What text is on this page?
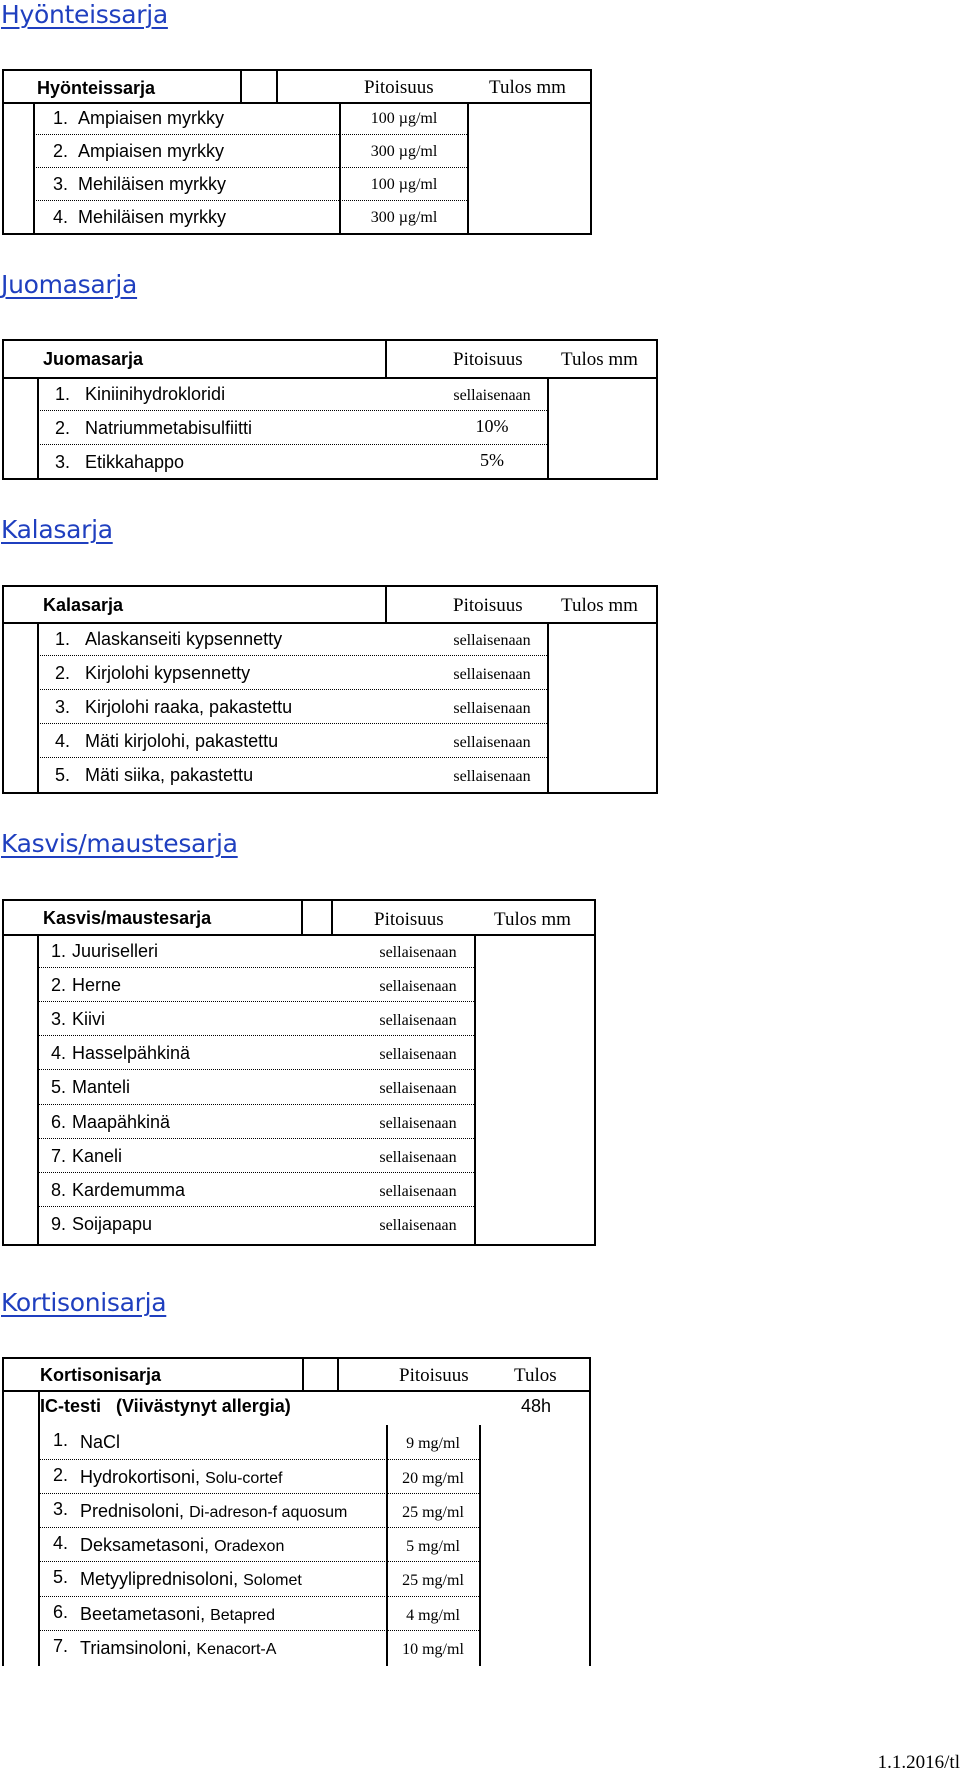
Hyönteissarja
Hyönteissarja	Pitoisuus	Tulos mm
1. Ampiaisen myrkky	100 µg/ml
2. Ampiaisen myrkky	300 µg/ml
3. Mehiläisen myrkky	100 µg/ml
4. Mehiläisen myrkky	300 µg/ml
Juomasarja
Juomasarja	Pitoisuus Tulos mm
1. Kiniinihydrokloridi	sellaisenaan
2. Natriummetabisulfiitti	10%
3. Etikkahappo	5%
Kalasarja
Kalasarja	Pitoisuus Tulos mm
1. Alaskanseiti kypsennetty	sellaisenaan
2. Kirjolohi kypsennetty	sellaisenaan
3. Kirjolohi raaka, pakastettu	sellaisenaan
4. Mäti kirjolohi, pakastettu	sellaisenaan
5. Mäti siika, pakastettu	sellaisenaan
Kasvis/maustesarja
Kasvis/maustesarja	Pitoisuus	Tulos mm
1. Juuriselleri	sellaisenaan
2. Herne	sellaisenaan
3. Kiivi	sellaisenaan
4. Hasselpähkinä	sellaisenaan
5. Manteli	sellaisenaan
6. Maapähkinä	sellaisenaan
7. Kaneli	sellaisenaan
8. Kardemumma	sellaisenaan
9. Soijapapu	sellaisenaan
Kortisonisarja
Kortisonisarja	Pitoisuus Tulos
IC-testi   (Viivästynyt allergia)	48h
1. NaCl	9 mg/ml
2. Hydrokortisoni, Solu-cortef	20 mg/ml
3. Prednisoloni, Di-adreson-f aquosum	25 mg/ml
4. Deksametasoni, Oradexon	5 mg/ml
5. Metyyliprednisoloni, Solomet	25 mg/ml
6. Beetametasoni, Betapred	4 mg/ml
7. Triamsinoloni, Kenacort-A	10 mg/ml
1.1.2016/tl
